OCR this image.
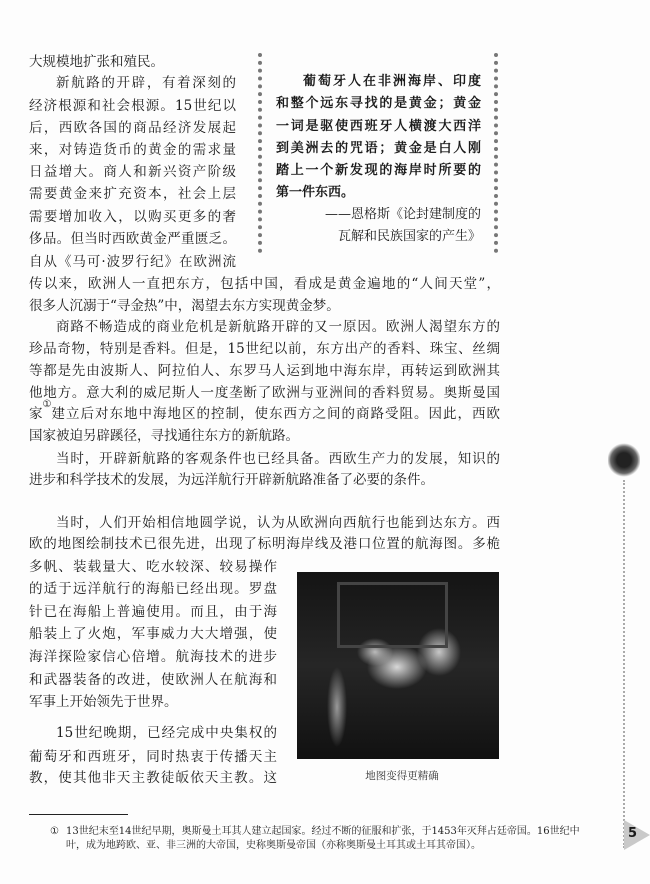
大规模地扩张和殖民。
新航路的开辟，有着深刻的
经济根源和社会根源。15世纪以
后，西欧各国的商品经济发展起
来，对铸造货币的黄金的需求量
日益增大。商人和新兴资产阶级
需要黄金来扩充资本，社会上层
需要增加收入，以购买更多的奢
侈品。但当时西欧黄金严重匮乏。
自从《马可·波罗行纪》在欧洲流
葡萄牙人在非洲海岸、印度
和整个远东寻找的是黄金；黄金
一词是驱使西班牙人横渡大西洋
到美洲去的咒语；黄金是白人刚
踏上一个新发现的海岸时所要的
第一件东西。
——恩格斯《论封建制度的
瓦解和民族国家的产生》
传以来，欧洲人一直把东方，包括中国，看成是黄金遍地的“人间天堂”，
很多人沉溺于“寻金热”中，渴望去东方实现黄金梦。
商路不畅造成的商业危机是新航路开辟的又一原因。欧洲人渴望东方的
珍品奇物，特别是香料。但是，15世纪以前，东方出产的香料、珠宝、丝绸
等都是先由波斯人、阿拉伯人、东罗马人运到地中海东岸，再转运到欧洲其
他地方。意大利的威尼斯人一度垄断了欧洲与亚洲间的香料贸易。奥斯曼国
家
①
建立后对东地中海地区的控制，使东西方之间的商路受阻。因此，西欧
国家被迫另辟蹊径，寻找通往东方的新航路。
当时，开辟新航路的客观条件也已经具备。西欧生产力的发展，知识的
进步和科学技术的发展，为远洋航行开辟新航路准备了必要的条件。
当时，人们开始相信地圆学说，认为从欧洲向西航行也能到达东方。西
欧的地图绘制技术已很先进，出现了标明海岸线及港口位置的航海图。多桅
多帆、装载量大、吃水较深、较易操作
的适于远洋航行的海船已经出现。罗盘
针已在海船上普遍使用。而且，由于海
船装上了火炮，军事威力大大增强，使
海洋探险家信心倍增。航海技术的进步
和武器装备的改进，使欧洲人在航海和
军事上开始领先于世界。
15世纪晚期，已经完成中央集权的
葡萄牙和西班牙，同时热衷于传播天主
教，使其他非天主教徒皈依天主教。这	地图变得更精确
① 13世纪末至14世纪早期，奥斯曼土耳其人建立起国家。经过不断的征服和扩张，于1453年灭拜占廷帝国。16世纪中
叶，成为地跨欧、亚、非三洲的大帝国，史称奥斯曼帝国（亦称奥斯曼土耳其或土耳其帝国）。
5
